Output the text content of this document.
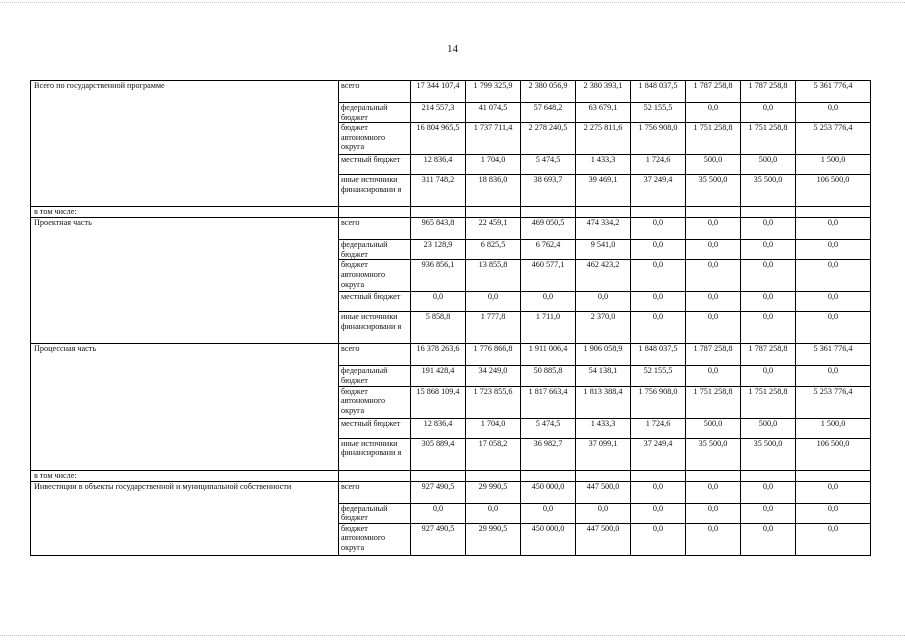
14
Всего по государственной программе	всего	17 344 107,4	1 799 325,9	2 380 056,9	2 380 393,1	1 848 037,5	1 787 258,8	1 787 258,8	5 361 776,4
	федеральный бюджет	214 557,3	41 074,5	57 648,2	63 679,1	52 155,5	0,0	0,0	0,0
	бюджет автономного округа	16 804 965,5	1 737 711,4	2 278 240,5	2 275 811,6	1 756 908,0	1 751 258,8	1 751 258,8	5 253 776,4
	местный бюджет	12 836,4	1 704,0	5 474,5	1 433,3	1 724,6	500,0	500,0	1 500,0
	иные источники финансировани я	311 748,2	18 836,0	38 693,7	39 469,1	37 249,4	35 500,0	35 500,0	106 500,0
в том числе:									
Проектная часть	всего	965 843,8	22 459,1	469 050,5	474 334,2	0,0	0,0	0,0	0,0
	федеральный бюджет	23 128,9	6 825,5	6 762,4	9 541,0	0,0	0,0	0,0	0,0
	бюджет автономного округа	936 856,1	13 855,8	460 577,1	462 423,2	0,0	0,0	0,0	0,0
	местный бюджет	0,0	0,0	0,0	0,0	0,0	0,0	0,0	0,0
	иные источники финансировани я	5 858,8	1 777,8	1 711,0	2 370,0	0,0	0,0	0,0	0,0
Процессная часть	всего	16 378 263,6	1 776 866,8	1 911 006,4	1 906 058,9	1 848 037,5	1 787 258,8	1 787 258,8	5 361 776,4
	федеральный бюджет	191 428,4	34 249,0	50 885,8	54 138,1	52 155,5	0,0	0,0	0,0
	бюджет автономного округа	15 868 109,4	1 723 855,6	1 817 663,4	1 813 388,4	1 756 908,0	1 751 258,8	1 751 258,8	5 253 776,4
	местный бюджет	12 836,4	1 704,0	5 474,5	1 433,3	1 724,6	500,0	500,0	1 500,0
	иные источники финансировани я	305 889,4	17 058,2	36 982,7	37 099,1	37 249,4	35 500,0	35 500,0	106 500,0
в том числе:									
Инвестиции в объекты государственной и муниципальной собственности	всего	927 490,5	29 990,5	450 000,0	447 500,0	0,0	0,0	0,0	0,0
	федеральный бюджет	0,0	0,0	0,0	0,0	0,0	0,0	0,0	0,0
	бюджет автономного округа	927 490,5	29 990,5	450 000,0	447 500,0	0,0	0,0	0,0	0,0
